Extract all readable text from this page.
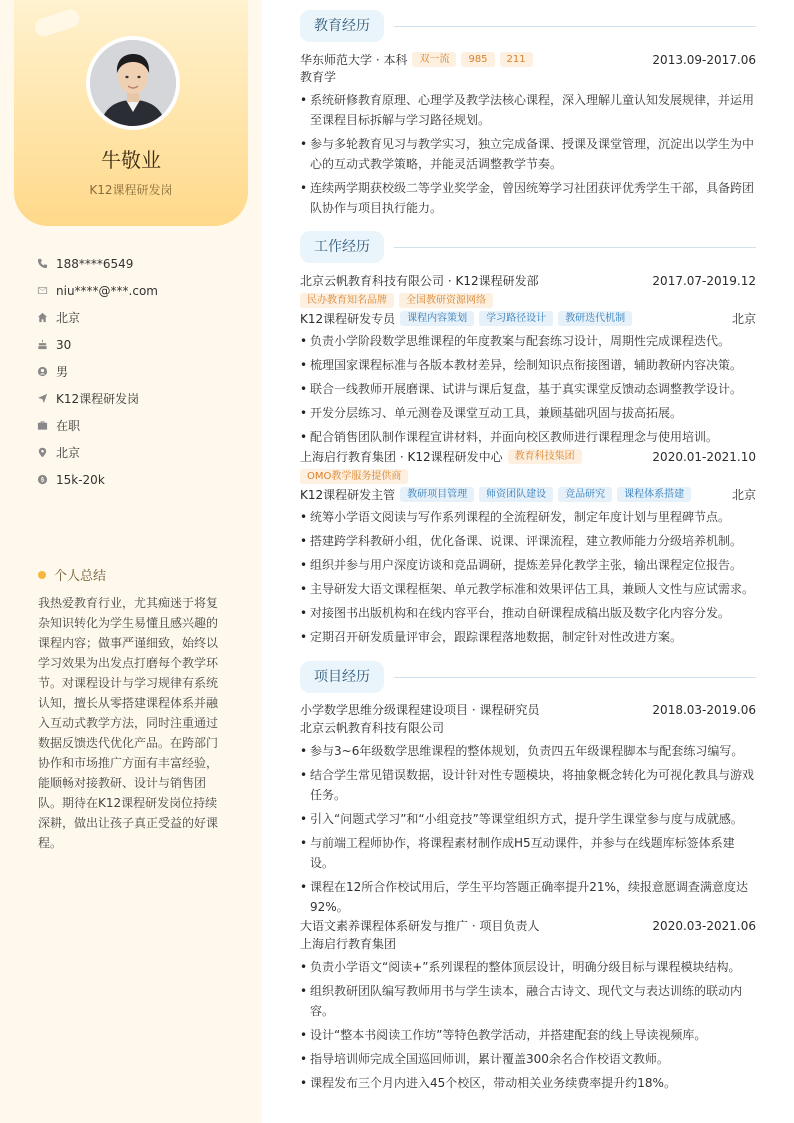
牛敬业
K12课程研发岗
188****6549
niu****@***.com
北京
30
男
K12课程研发岗
在职
北京
15k-20k
个人总结
我热爱教育行业，尤其痴迷于将复杂知识转化为学生易懂且感兴趣的课程内容；做事严谨细致，始终以学习效果为出发点打磨每个教学环节。对课程设计与学习规律有系统认知，擅长从零搭建课程体系并融入互动式教学方法，同时注重通过数据反馈迭代优化产品。在跨部门协作和市场推广方面有丰富经验，能顺畅对接教研、设计与销售团队。期待在K12课程研发岗位持续深耕，做出让孩子真正受益的好课程。
教育经历
华东师范大学 · 本科	双一流	985	211	2013.09-2017.06
教育学
• 系统研修教育原理、心理学及教学法核心课程，深入理解儿童认知发展规律，并运用至课程目标拆解与学习路径规划。
• 参与多轮教育见习与教学实习，独立完成备课、授课及课堂管理，沉淀出以学生为中心的互动式教学策略，并能灵活调整教学节奏。
• 连续两学期获校级二等学业奖学金，曾因统筹学习社团获评优秀学生干部，具备跨团队协作与项目执行能力。
工作经历
北京云帆教育科技有限公司 · K12课程研发部	2017.07-2019.12
民办教育知名品牌	全国教研资源网络
K12课程研发专员	课程内容策划	学习路径设计	教研迭代机制	北京
• 负责小学阶段数学思维课程的年度教案与配套练习设计，周期性完成课程迭代。
• 梳理国家课程标准与各版本教材差异，绘制知识点衔接图谱，辅助教研内容决策。
• 联合一线教师开展磨课、试讲与课后复盘，基于真实课堂反馈动态调整教学设计。
• 开发分层练习、单元测卷及课堂互动工具，兼顾基础巩固与拔高拓展。
• 配合销售团队制作课程宣讲材料，并面向校区教师进行课程理念与使用培训。
上海启行教育集团 · K12课程研发中心	教育科技集团	2020.01-2021.10
OMO教学服务提供商
K12课程研发主管	教研项目管理	师资团队建设	竞品研究	课程体系搭建	北京
• 统筹小学语文阅读与写作系列课程的全流程研发，制定年度计划与里程碑节点。
• 搭建跨学科教研小组，优化备课、说课、评课流程，建立教师能力分级培养机制。
• 组织并参与用户深度访谈和竞品调研，提炼差异化教学主张，输出课程定位报告。
• 主导研发大语文课程框架、单元教学标准和效果评估工具，兼顾人文性与应试需求。
• 对接图书出版机构和在线内容平台，推动自研课程成稿出版及数字化内容分发。
• 定期召开研发质量评审会，跟踪课程落地数据，制定针对性改进方案。
项目经历
小学数学思维分级课程建设项目 · 课程研究员	2018.03-2019.06
北京云帆教育科技有限公司
• 参与3~6年级数学思维课程的整体规划，负责四五年级课程脚本与配套练习编写。
• 结合学生常见错误数据，设计针对性专题模块，将抽象概念转化为可视化教具与游戏任务。
• 引入“问题式学习”和“小组竞技”等课堂组织方式，提升学生课堂参与度与成就感。
• 与前端工程师协作，将课程素材制作成H5互动课件，并参与在线题库标签体系建设。
• 课程在12所合作校试用后，学生平均答题正确率提升21%，续报意愿调查满意度达92%。
大语文素养课程体系研发与推广 · 项目负责人	2020.03-2021.06
上海启行教育集团
• 负责小学语文“阅读+”系列课程的整体顶层设计，明确分级目标与课程模块结构。
• 组织教研团队编写教师用书与学生读本，融合古诗文、现代文与表达训练的联动内容。
• 设计“整本书阅读工作坊”等特色教学活动，并搭建配套的线上导读视频库。
• 指导培训师完成全国巡回师训，累计覆盖300余名合作校语文教师。
• 课程发布三个月内进入45个校区，带动相关业务续费率提升约18%。
